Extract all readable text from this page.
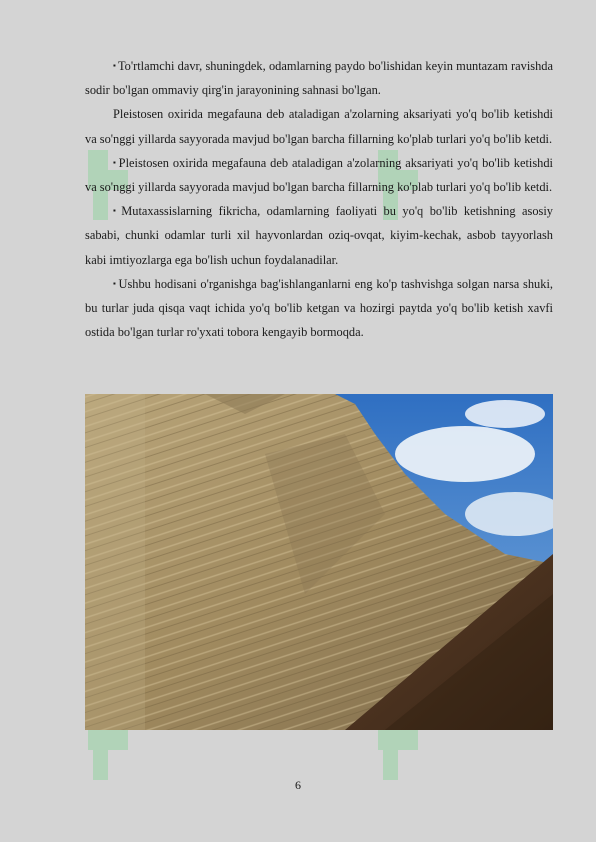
▪ To'rtlamchi davr, shuningdek, odamlarning paydo bo'lishidan keyin muntazam ravishda sodir bo'lgan ommaviy qirg'in jarayonining sahnasi bo'lgan.

Pleistosen oxirida megafauna deb ataladigan a'zolarning aksariyati yo'q bo'lib ketishdi va so'nggi yillarda sayyorada mavjud bo'lgan barcha fillarning ko'plab turlari yo'q bo'lib ketdi.

▪ Pleistosen oxirida megafauna deb ataladigan a'zolarning aksariyati yo'q bo'lib ketishdi va so'nggi yillarda sayyorada mavjud bo'lgan barcha fillarning ko'plab turlari yo'q bo'lib ketdi.

▪ Mutaxassislarning fikricha, odamlarning faoliyati bu yo'q bo'lib ketishning asosiy sababi, chunki odamlar turli xil hayvonlardan oziq-ovqat, kiyim-kechak, asbob tayyorlash kabi imtiyozlarga ega bo'lish uchun foydalanadilar.

▪ Ushbu hodisani o'rganishga bag'ishlanganlarni eng ko'p tashvishga solgan narsa shuki, bu turlar juda qisqa vaqt ichida yo'q bo'lib ketgan va hozirgi paytda yo'q bo'lib ketish xavfi ostida bo'lgan turlar ro'yxati tobora kengayib bormoqda.

6
